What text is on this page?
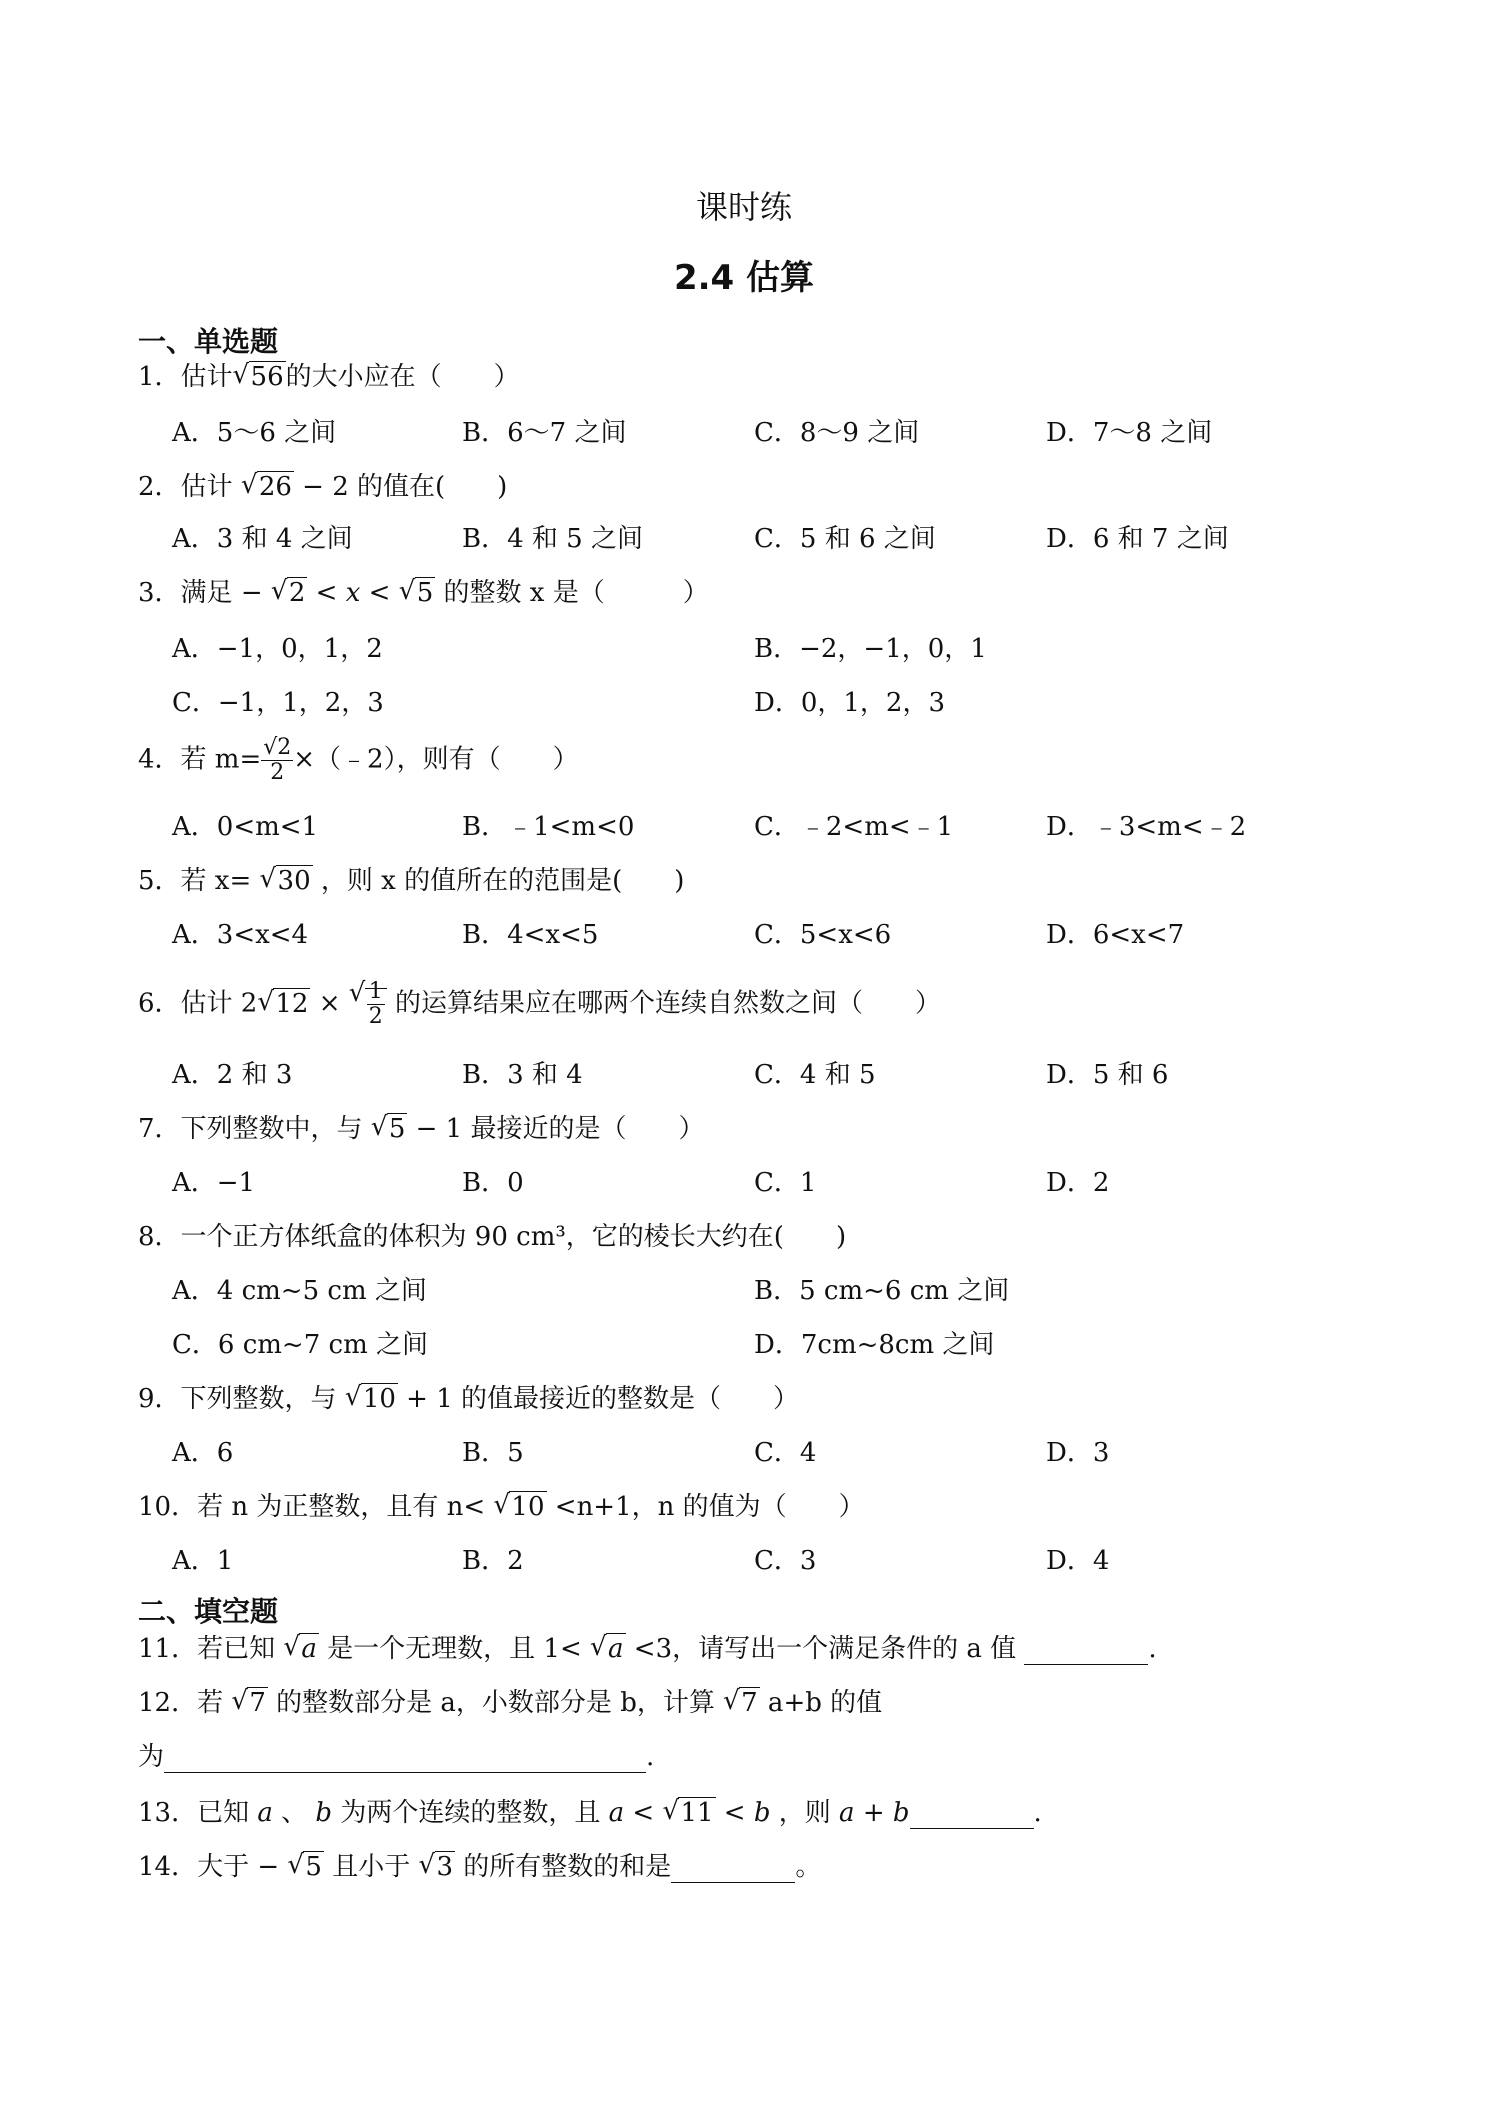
课时练
2.4 估算
一、单选题
1．估计 √ 56的大小应在（　　）
A．5～6 之间	B．6～7 之间	C．8～9 之间	D．7～8 之间
2．估计 √ 26 − 2 的值在(　　)
A．3 和 4 之间	B．4 和 5 之间	C．5 和 6 之间	D．6 和 7 之间
3．满足 − √ 2 < x < √ 5 的整数 x 是（　　　）
A．−1，0，1，2	B．−2，−1，0，1
C．−1，1，2，3	D．0，1，2，3
4．若 $m= \frac{√2}{2}$ ×（﹣2），则有（　　）
A．0<m<1	B．﹣1<m<0	C．﹣2<m<﹣1	D．﹣3<m<﹣2
5．若 x= √ 30 ，则 x 的值所在的范围是(　　)
A．3<x<4	B．4<x<5	C．5<x<6	D．6<x<7
6．估计 2 √ 12 × √ $\frac{1}{2}$ 的运算结果应在哪两个连续自然数之间（　　）
A．2 和 3	B．3 和 4	C．4 和 5	D．5 和 6
7．下列整数中，与 √ 5 − 1 最接近的是（　　）
A．−1	B．0	C．1	D．2
8．一个正方体纸盒的体积为 90 cm³，它的棱长大约在(　　)
A．4 cm~5 cm 之间	B．5 cm~6 cm 之间
C．6 cm~7 cm 之间	D．7cm~8cm 之间
9．下列整数，与 √ 10 + 1 的值最接近的整数是（　　）
A．6	B．5	C．4	D．3
10．若 n 为正整数，且有 n< √ 10 <n+1，n 的值为（　　）
A．1	B．2	C．3	D．4
二、填空题
11．若已知 √ a 是一个无理数，且 1< √ a <3，请写出一个满足条件的 a 值	.
12．若 √ 7 的整数部分是 a，小数部分是 b，计算 √ 7 a+b 的值
为	.
13．已知 a 、 b 为两个连续的整数，且 a < √ 11 < b ，则 a + b	.
14．大于 − √ 5 且小于 √ 3 的所有整数的和是	。
